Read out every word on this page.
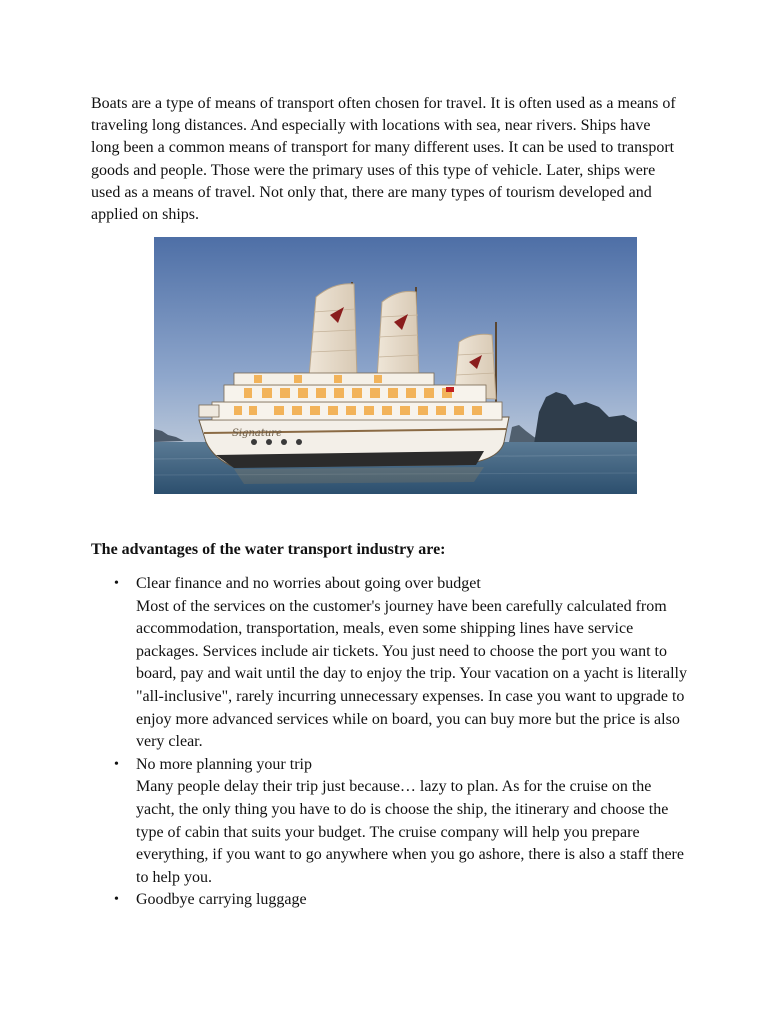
Boats are a type of means of transport often chosen for travel. It is often used as a means of traveling long distances. And especially with locations with sea, near rivers. Ships have long been a common means of transport for many different uses. It can be used to transport goods and people. Those were the primary uses of this type of vehicle. Later, ships were used as a means of travel. Not only that, there are many types of tourism developed and applied on ships.

Signature
The advantages of the water transport industry are:
• Clear finance and no worries about going over budget
Most of the services on the customer's journey have been carefully calculated from accommodation, transportation, meals, even some shipping lines have service packages. Services include air tickets. You just need to choose the port you want to board, pay and wait until the day to enjoy the trip. Your vacation on a yacht is literally "all-inclusive", rarely incurring unnecessary expenses. In case you want to upgrade to enjoy more advanced services while on board, you can buy more but the price is also very clear.
• No more planning your trip
Many people delay their trip just because… lazy to plan. As for the cruise on the yacht, the only thing you have to do is choose the ship, the itinerary and choose the type of cabin that suits your budget. The cruise company will help you prepare everything, if you want to go anywhere when you go ashore, there is also a staff there to help you.
• Goodbye carrying luggage
